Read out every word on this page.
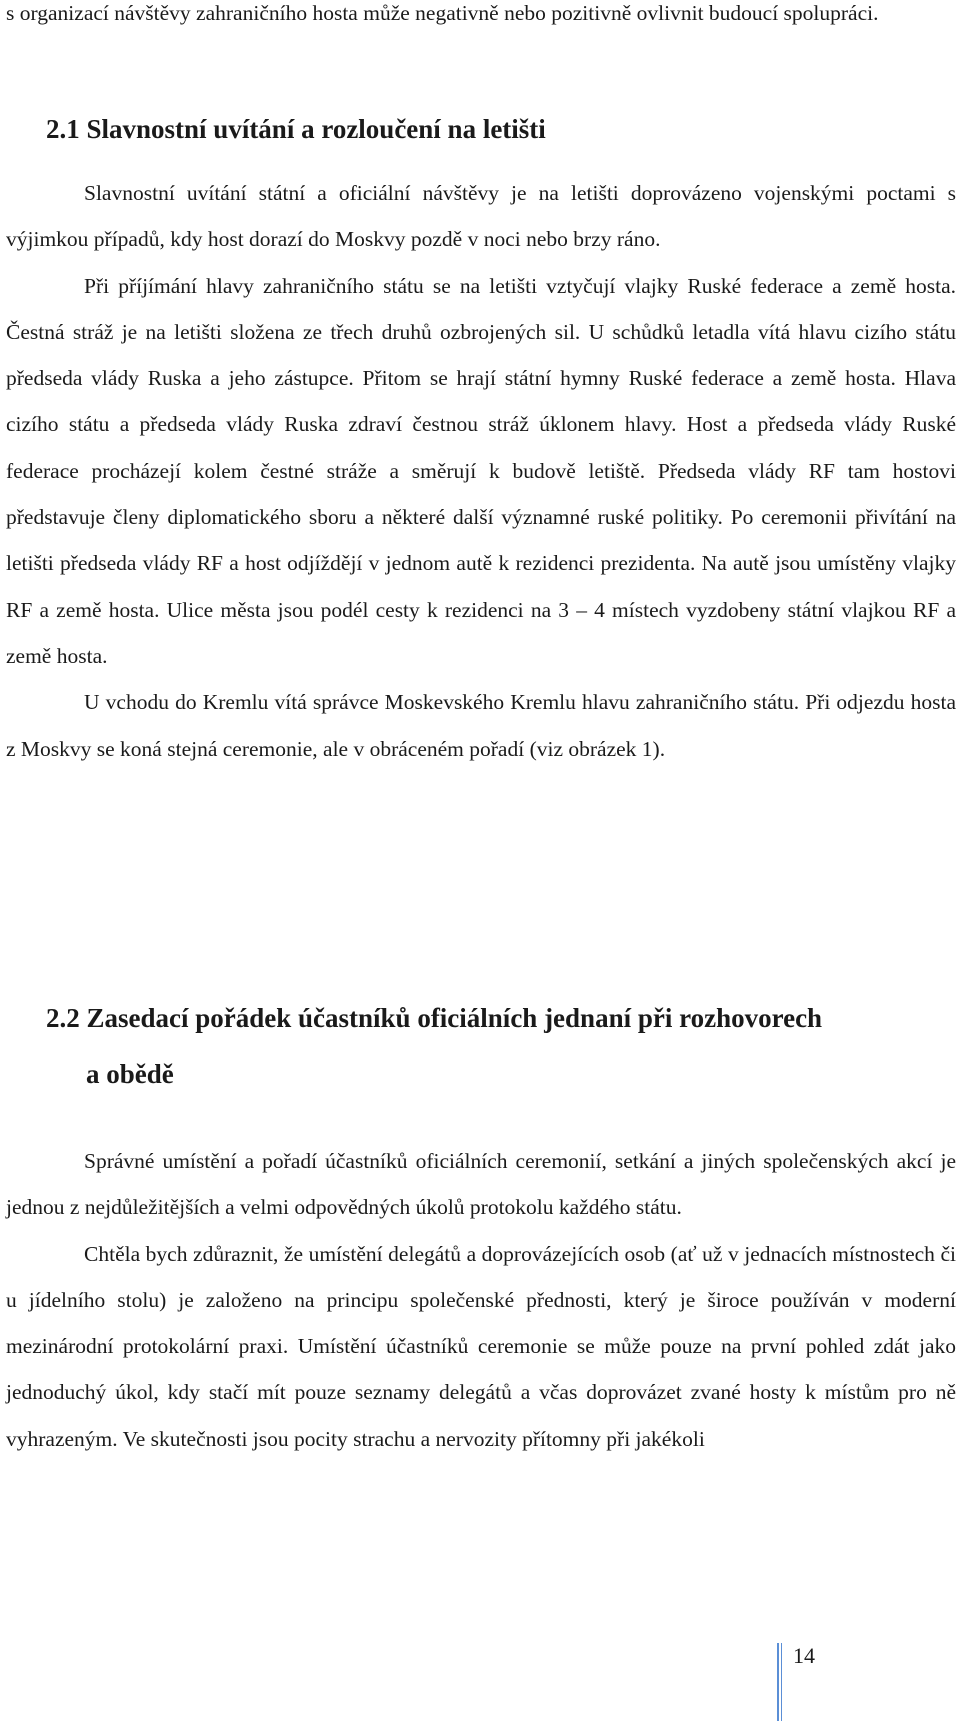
s organizací návštěvy zahraničního hosta může negativně nebo pozitivně ovlivnit budoucí spolupráci.

2.1 Slavnostní uvítání a rozloučení na letišti

Slavnostní uvítání státní a oficiální návštěvy je na letišti doprovázeno vojenskými poctami s výjimkou případů, kdy host dorazí do Moskvy pozdě v noci nebo brzy ráno.

Při příjímání hlavy zahraničního státu se na letišti vztyčují vlajky Ruské federace a země hosta. Čestná stráž je na letišti složena ze třech druhů ozbrojených sil. U schůdků letadla vítá hlavu cizího státu předseda vlády Ruska a jeho zástupce. Přitom se hrají státní hymny Ruské federace a země hosta. Hlava cizího státu a předseda vlády Ruska zdraví čestnou stráž úklonem hlavy. Host a předseda vlády Ruské federace procházejí kolem čestné stráže a směrují k budově letiště. Předseda vlády RF tam hostovi představuje členy diplomatického sboru a některé další významné ruské politiky. Po ceremonii přivítání na letišti předseda vlády RF a host odjíždějí v jednom autě k rezidenci prezidenta. Na autě jsou umístěny vlajky RF a země hosta. Ulice města jsou podél cesty k rezidenci na 3 – 4 místech vyzdobeny státní vlajkou RF a země hosta.

U vchodu do Kremlu vítá správce Moskevského Kremlu hlavu zahraničního státu. Při odjezdu hosta z Moskvy se koná stejná ceremonie, ale v obráceném pořadí (viz obrázek 1).

2.2 Zasedací pořádek účastníků oficiálních jednaní při rozhovorech
a obědě

Správné umístění a pořadí účastníků oficiálních ceremonií, setkání a jiných společenských akcí je jednou z nejdůležitějších a velmi odpovědných úkolů protokolu každého státu.

Chtěla bych zdůraznit, že umístění delegátů a doprovázejících osob (ať už v jednacích místnostech či u jídelního stolu) je založeno na principu společenské přednosti, který je široce používán v moderní mezinárodní protokolární praxi. Umístění účastníků ceremonie se může pouze na první pohled zdát jako jednoduchý úkol, kdy stačí mít pouze seznamy delegátů a včas doprovázet zvané hosty k místům pro ně vyhrazeným. Ve skutečnosti jsou pocity strachu a nervozity přítomny při jakékoli

14
